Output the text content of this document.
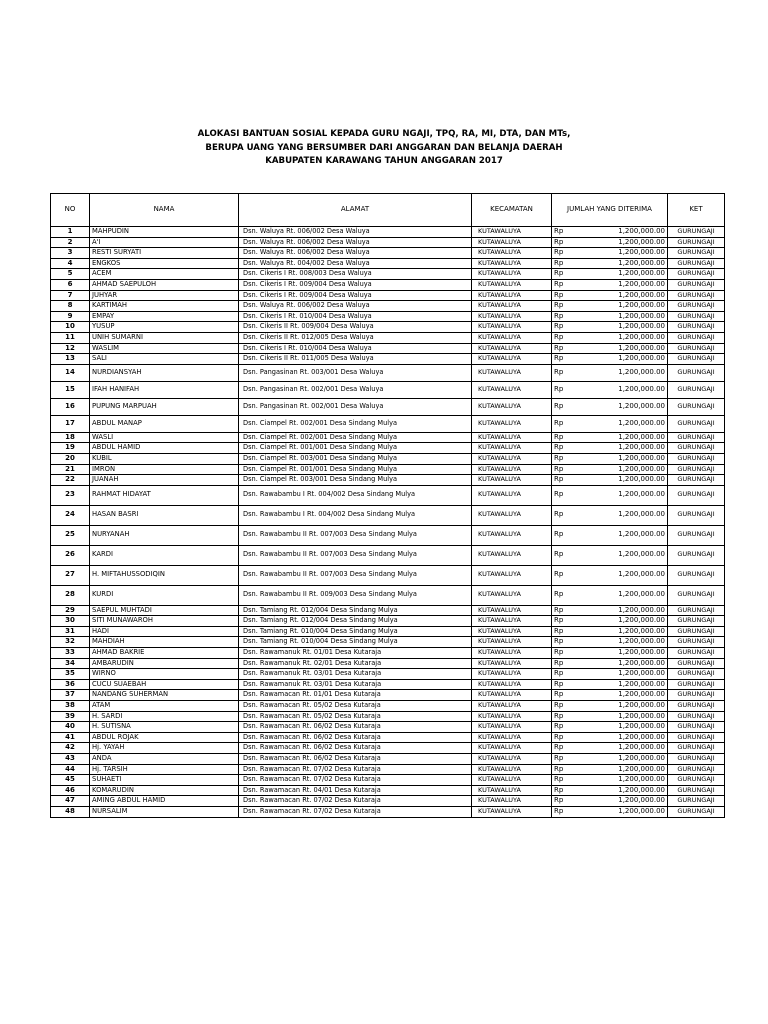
ALOKASI BANTUAN SOSIAL KEPADA GURU NGAJI, TPQ, RA, MI, DTA, DAN MTs,
BERUPA UANG YANG BERSUMBER DARI ANGGARAN DAN BELANJA DAERAH
KABUPATEN KARAWANG TAHUN ANGGARAN 2017
NO	NAMA	ALAMAT	KECAMATAN	JUMLAH YANG DITERIMA	KET
1	MAHPUDIN	Dsn. Waluya Rt. 006/002 Desa Waluya	KUTAWALUYA	Rp 1,200,000.00	GURUNGAJI
2	A'I	Dsn. Waluya Rt. 006/002 Desa Waluya	KUTAWALUYA	Rp 1,200,000.00	GURUNGAJI
3	RESTI SURYATI	Dsn. Waluya Rt. 006/002 Desa Waluya	KUTAWALUYA	Rp 1,200,000.00	GURUNGAJI
4	ENGKOS	Dsn. Waluya Rt. 004/002 Desa Waluya	KUTAWALUYA	Rp 1,200,000.00	GURUNGAJI
5	ACEM	Dsn. Cikeris I Rt. 008/003 Desa Waluya	KUTAWALUYA	Rp 1,200,000.00	GURUNGAJI
6	AHMAD SAEPULOH	Dsn. Cikeris I Rt. 009/004 Desa Waluya	KUTAWALUYA	Rp 1,200,000.00	GURUNGAJI
7	JUHYAR	Dsn. Cikeris I Rt. 009/004 Desa Waluya	KUTAWALUYA	Rp 1,200,000.00	GURUNGAJI
8	KARTIMAH	Dsn. Waluya Rt. 006/002 Desa Waluya	KUTAWALUYA	Rp 1,200,000.00	GURUNGAJI
9	EMPAY	Dsn. Cikeris I Rt. 010/004 Desa Waluya	KUTAWALUYA	Rp 1,200,000.00	GURUNGAJI
10	YUSUP	Dsn. Cikeris II Rt. 009/004 Desa Waluya	KUTAWALUYA	Rp 1,200,000.00	GURUNGAJI
11	UNIH SUMARNI	Dsn. Cikeris II Rt. 012/005 Desa Waluya	KUTAWALUYA	Rp 1,200,000.00	GURUNGAJI
12	WASLIM	Dsn. Cikeris I Rt. 010/004 Desa Waluya	KUTAWALUYA	Rp 1,200,000.00	GURUNGAJI
13	SALI	Dsn. Cikeris II Rt. 011/005 Desa Waluya	KUTAWALUYA	Rp 1,200,000.00	GURUNGAJI
14	NURDIANSYAH	Dsn. Pangasinan Rt. 003/001 Desa Waluya	KUTAWALUYA	Rp 1,200,000.00	GURUNGAJI
15	IFAH HANIFAH	Dsn. Pangasinan Rt. 002/001 Desa Waluya	KUTAWALUYA	Rp 1,200,000.00	GURUNGAJI
16	PUPUNG MARPUAH	Dsn. Pangasinan Rt. 002/001 Desa Waluya	KUTAWALUYA	Rp 1,200,000.00	GURUNGAJI
17	ABDUL MANAP	Dsn. Ciampel Rt. 002/001 Desa Sindang Mulya	KUTAWALUYA	Rp 1,200,000.00	GURUNGAJI
18	WASLI	Dsn. Ciampel Rt. 002/001 Desa Sindang Mulya	KUTAWALUYA	Rp 1,200,000.00	GURUNGAJI
19	ABDUL HAMID	Dsn. Ciampel Rt. 001/001 Desa Sindang Mulya	KUTAWALUYA	Rp 1,200,000.00	GURUNGAJI
20	KUBIL	Dsn. Ciampel Rt. 003/001 Desa Sindang Mulya	KUTAWALUYA	Rp 1,200,000.00	GURUNGAJI
21	IMRON	Dsn. Ciampel Rt. 001/001 Desa Sindang Mulya	KUTAWALUYA	Rp 1,200,000.00	GURUNGAJI
22	JUANAH	Dsn. Ciampel Rt. 003/001 Desa Sindang Mulya	KUTAWALUYA	Rp 1,200,000.00	GURUNGAJI
23	RAHMAT HIDAYAT	Dsn. Rawabambu I Rt. 004/002 Desa Sindang Mulya	KUTAWALUYA	Rp 1,200,000.00	GURUNGAJI
24	HASAN BASRI	Dsn. Rawabambu I Rt. 004/002 Desa Sindang Mulya	KUTAWALUYA	Rp 1,200,000.00	GURUNGAJI
25	NURYANAH	Dsn. Rawabambu II Rt. 007/003 Desa Sindang Mulya	KUTAWALUYA	Rp 1,200,000.00	GURUNGAJI
26	KARDI	Dsn. Rawabambu II Rt. 007/003 Desa Sindang Mulya	KUTAWALUYA	Rp 1,200,000.00	GURUNGAJI
27	H. MIFTAHUSSODIQIN	Dsn. Rawabambu II Rt. 007/003 Desa Sindang Mulya	KUTAWALUYA	Rp 1,200,000.00	GURUNGAJI
28	KURDI	Dsn. Rawabambu II Rt. 009/003 Desa Sindang Mulya	KUTAWALUYA	Rp 1,200,000.00	GURUNGAJI
29	SAEPUL MUHTADI	Dsn. Tamiang Rt. 012/004 Desa Sindang Mulya	KUTAWALUYA	Rp 1,200,000.00	GURUNGAJI
30	SITI MUNAWAROH	Dsn. Tamiang Rt. 012/004 Desa Sindang Mulya	KUTAWALUYA	Rp 1,200,000.00	GURUNGAJI
31	HADI	Dsn. Tamiang Rt. 010/004 Desa Sindang Mulya	KUTAWALUYA	Rp 1,200,000.00	GURUNGAJI
32	MAHDIAH	Dsn. Tamiang Rt. 010/004 Desa Sindang Mulya	KUTAWALUYA	Rp 1,200,000.00	GURUNGAJI
33	AHMAD BAKRIE	Dsn. Rawamanuk Rt. 01/01 Desa Kutaraja	KUTAWALUYA	Rp 1,200,000.00	GURUNGAJI
34	AMBARUDIN	Dsn. Rawamanuk Rt. 02/01 Desa Kutaraja	KUTAWALUYA	Rp 1,200,000.00	GURUNGAJI
35	WIRNO	Dsn. Rawamanuk Rt. 03/01 Desa Kutaraja	KUTAWALUYA	Rp 1,200,000.00	GURUNGAJI
36	CUCU SUAEBAH	Dsn. Rawamanuk Rt. 03/01 Desa Kutaraja	KUTAWALUYA	Rp 1,200,000.00	GURUNGAJI
37	NANDANG SUHERMAN	Dsn. Rawamacan Rt. 01/01 Desa Kutaraja	KUTAWALUYA	Rp 1,200,000.00	GURUNGAJI
38	ATAM	Dsn. Rawamacan Rt. 05/02 Desa Kutaraja	KUTAWALUYA	Rp 1,200,000.00	GURUNGAJI
39	H. SARDI	Dsn. Rawamacan Rt. 05/02 Desa Kutaraja	KUTAWALUYA	Rp 1,200,000.00	GURUNGAJI
40	H. SUTISNA	Dsn. Rawamacan Rt. 06/02 Desa Kutaraja	KUTAWALUYA	Rp 1,200,000.00	GURUNGAJI
41	ABDUL ROJAK	Dsn. Rawamacan Rt. 06/02 Desa Kutaraja	KUTAWALUYA	Rp 1,200,000.00	GURUNGAJI
42	Hj. YAYAH	Dsn. Rawamacan Rt. 06/02 Desa Kutaraja	KUTAWALUYA	Rp 1,200,000.00	GURUNGAJI
43	ANDA	Dsn. Rawamacan Rt. 06/02 Desa Kutaraja	KUTAWALUYA	Rp 1,200,000.00	GURUNGAJI
44	Hj. TARSIH	Dsn. Rawamacan Rt. 07/02 Desa Kutaraja	KUTAWALUYA	Rp 1,200,000.00	GURUNGAJI
45	SUHAETI	Dsn. Rawamacan Rt. 07/02 Desa Kutaraja	KUTAWALUYA	Rp 1,200,000.00	GURUNGAJI
46	KOMARUDIN	Dsn. Rawamacan Rt. 04/01 Desa Kutaraja	KUTAWALUYA	Rp 1,200,000.00	GURUNGAJI
47	AMING ABDUL HAMID	Dsn. Rawamacan Rt. 07/02 Desa Kutaraja	KUTAWALUYA	Rp 1,200,000.00	GURUNGAJI
48	NURSALIM	Dsn. Rawamacan Rt. 07/02 Desa Kutaraja	KUTAWALUYA	Rp 1,200,000.00	GURUNGAJI
